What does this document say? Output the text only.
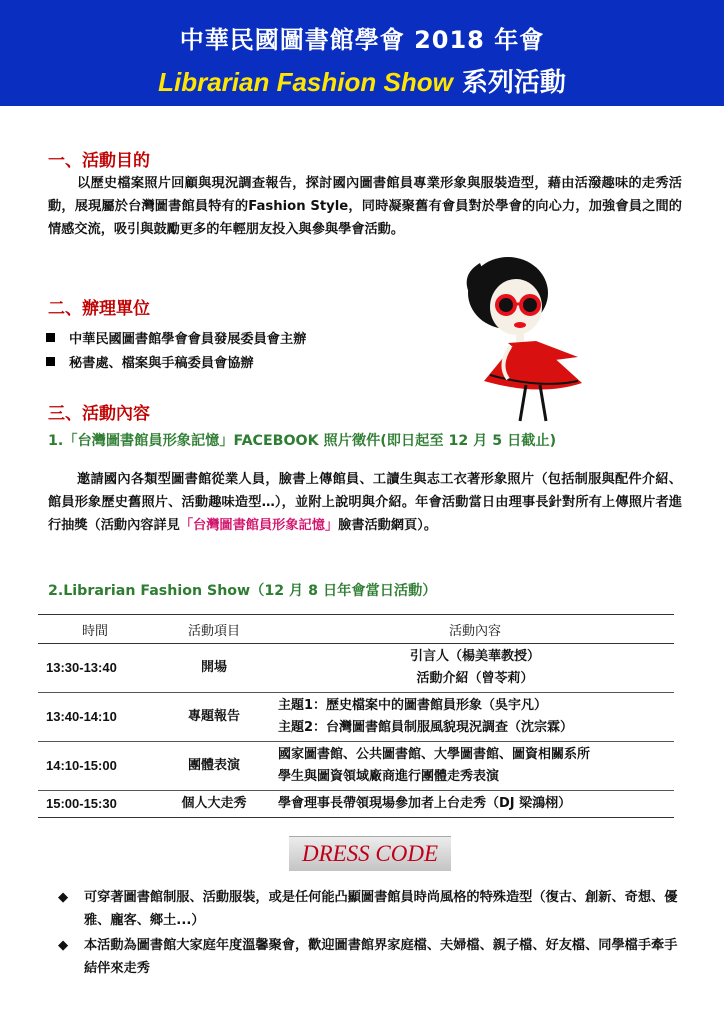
中華民國圖書館學會 2018 年會
Librarian Fashion Show 系列活動
一、活動目的
以歷史檔案照片回顧與現況調查報告，探討國內圖書館員專業形象與服裝造型，藉由活潑趣味的走秀活動，展現屬於台灣圖書館員特有的Fashion Style，同時凝聚舊有會員對於學會的向心力，加強會員之間的情感交流，吸引與鼓勵更多的年輕朋友投入與參與學會活動。
二、辦理單位
中華民國圖書館學會會員發展委員會主辦
秘書處、檔案與手稿委員會協辦
三、活動內容
1.「台灣圖書館員形象記憶」FACEBOOK 照片徵件(即日起至 12 月 5 日截止)
邀請國內各類型圖書館從業人員，臉書上傳館員、工讀生與志工衣著形象照片（包括制服與配件介紹、館員形象歷史舊照片、活動趣味造型…），並附上說明與介紹。年會活動當日由理事長針對所有上傳照片者進行抽獎（活動內容詳見「台灣圖書館員形象記憶」臉書活動網頁）。
2.Librarian Fashion Show（12 月 8 日年會當日活動）
時間	活動項目	活動內容
13:30-13:40	開場	引言人（楊美華教授）
活動介紹（曾苓莉）

13:40-14:10	專題報告	主題1：歷史檔案中的圖書館員形象（吳宇凡）
主題2：台灣圖書館員制服風貌現況調查（沈宗霖）

14:10-15:00	團體表演	國家圖書館、公共圖書館、大學圖書館、圖資相關系所
學生與圖資領域廠商進行團體走秀表演

15:00-15:30	個人大走秀	學會理事長帶領現場參加者上台走秀（DJ 梁鴻栩）
DRESS CODE
◆	可穿著圖書館制服、活動服裝，或是任何能凸顯圖書館員時尚風格的特殊造型（復古、創新、奇想、優雅、龐客、鄉土...）
◆	本活動為圖書館大家庭年度溫馨聚會，歡迎圖書館界家庭檔、夫婦檔、親子檔、好友檔、同學檔手牽手結伴來走秀
